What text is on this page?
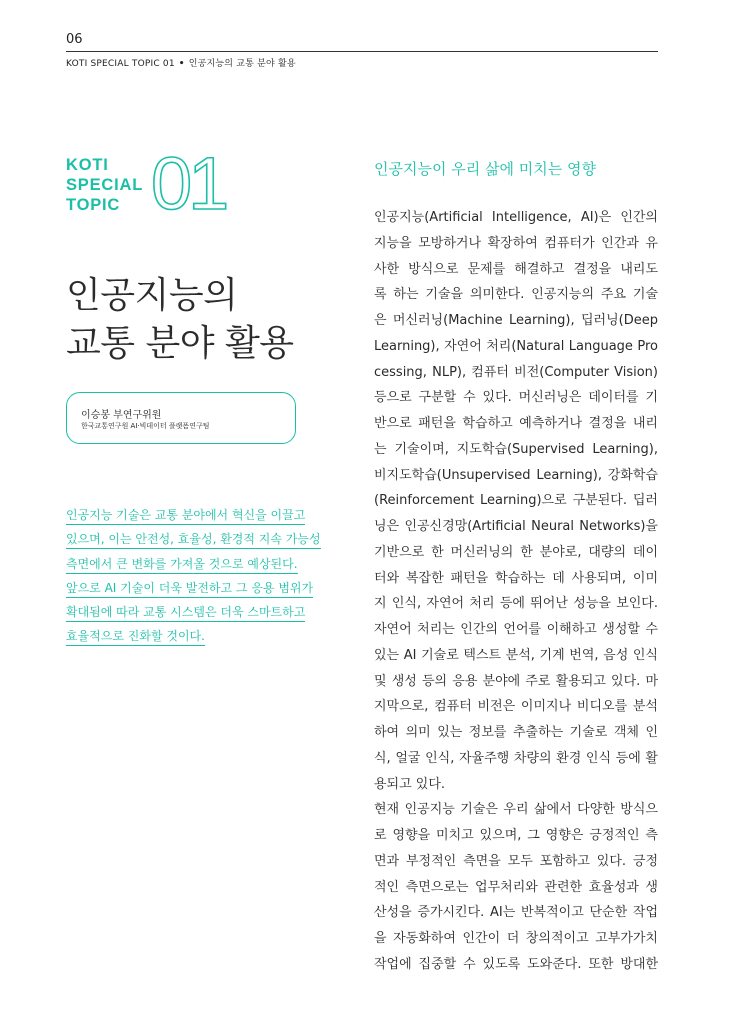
06
KOTI SPECIAL TOPIC 01 • 인공지능의 교통 분야 활용
KOTI
SPECIAL
TOPIC 01
인공지능의
교통 분야 활용
이승봉 부연구위원
한국교통연구원 AI·빅데이터 플랫폼연구팀
인공지능 기술은 교통 분야에서 혁신을 이끌고
있으며, 이는 안전성, 효율성, 환경적 지속 가능성
측면에서 큰 변화를 가져올 것으로 예상된다.
앞으로 AI 기술이 더욱 발전하고 그 응용 범위가
확대됨에 따라 교통 시스템은 더욱 스마트하고
효율적으로 진화할 것이다.
인공지능이 우리 삶에 미치는 영향
인공지능(Artificial Intelligence, AI)은 인간의
지능을 모방하거나 확장하여 컴퓨터가 인간과 유
사한 방식으로 문제를 해결하고 결정을 내리도
록 하는 기술을 의미한다. 인공지능의 주요 기술
은 머신러닝(Machine Learning), 딥러닝(Deep
Learning), 자연어 처리(Natural Language Pro
cessing, NLP), 컴퓨터 비전(Computer Vision)
등으로 구분할 수 있다. 머신러닝은 데이터를 기
반으로 패턴을 학습하고 예측하거나 결정을 내리
는 기술이며, 지도학습(Supervised Learning),
비지도학습(Unsupervised Learning), 강화학습
(Reinforcement Learning)으로 구분된다. 딥러
닝은 인공신경망(Artificial Neural Networks)을
기반으로 한 머신러닝의 한 분야로, 대량의 데이
터와 복잡한 패턴을 학습하는 데 사용되며, 이미
지 인식, 자연어 처리 등에 뛰어난 성능을 보인다.
자연어 처리는 인간의 언어를 이해하고 생성할 수
있는 AI 기술로 텍스트 분석, 기계 번역, 음성 인식
및 생성 등의 응용 분야에 주로 활용되고 있다. 마
지막으로, 컴퓨터 비전은 이미지나 비디오를 분석
하여 의미 있는 정보를 추출하는 기술로 객체 인
식, 얼굴 인식, 자율주행 차량의 환경 인식 등에 활
용되고 있다.
현재 인공지능 기술은 우리 삶에서 다양한 방식으
로 영향을 미치고 있으며, 그 영향은 긍정적인 측
면과 부정적인 측면을 모두 포함하고 있다. 긍정
적인 측면으로는 업무처리와 관련한 효율성과 생
산성을 증가시킨다. AI는 반복적이고 단순한 작업
을 자동화하여 인간이 더 창의적이고 고부가가치
작업에 집중할 수 있도록 도와준다. 또한 방대한
